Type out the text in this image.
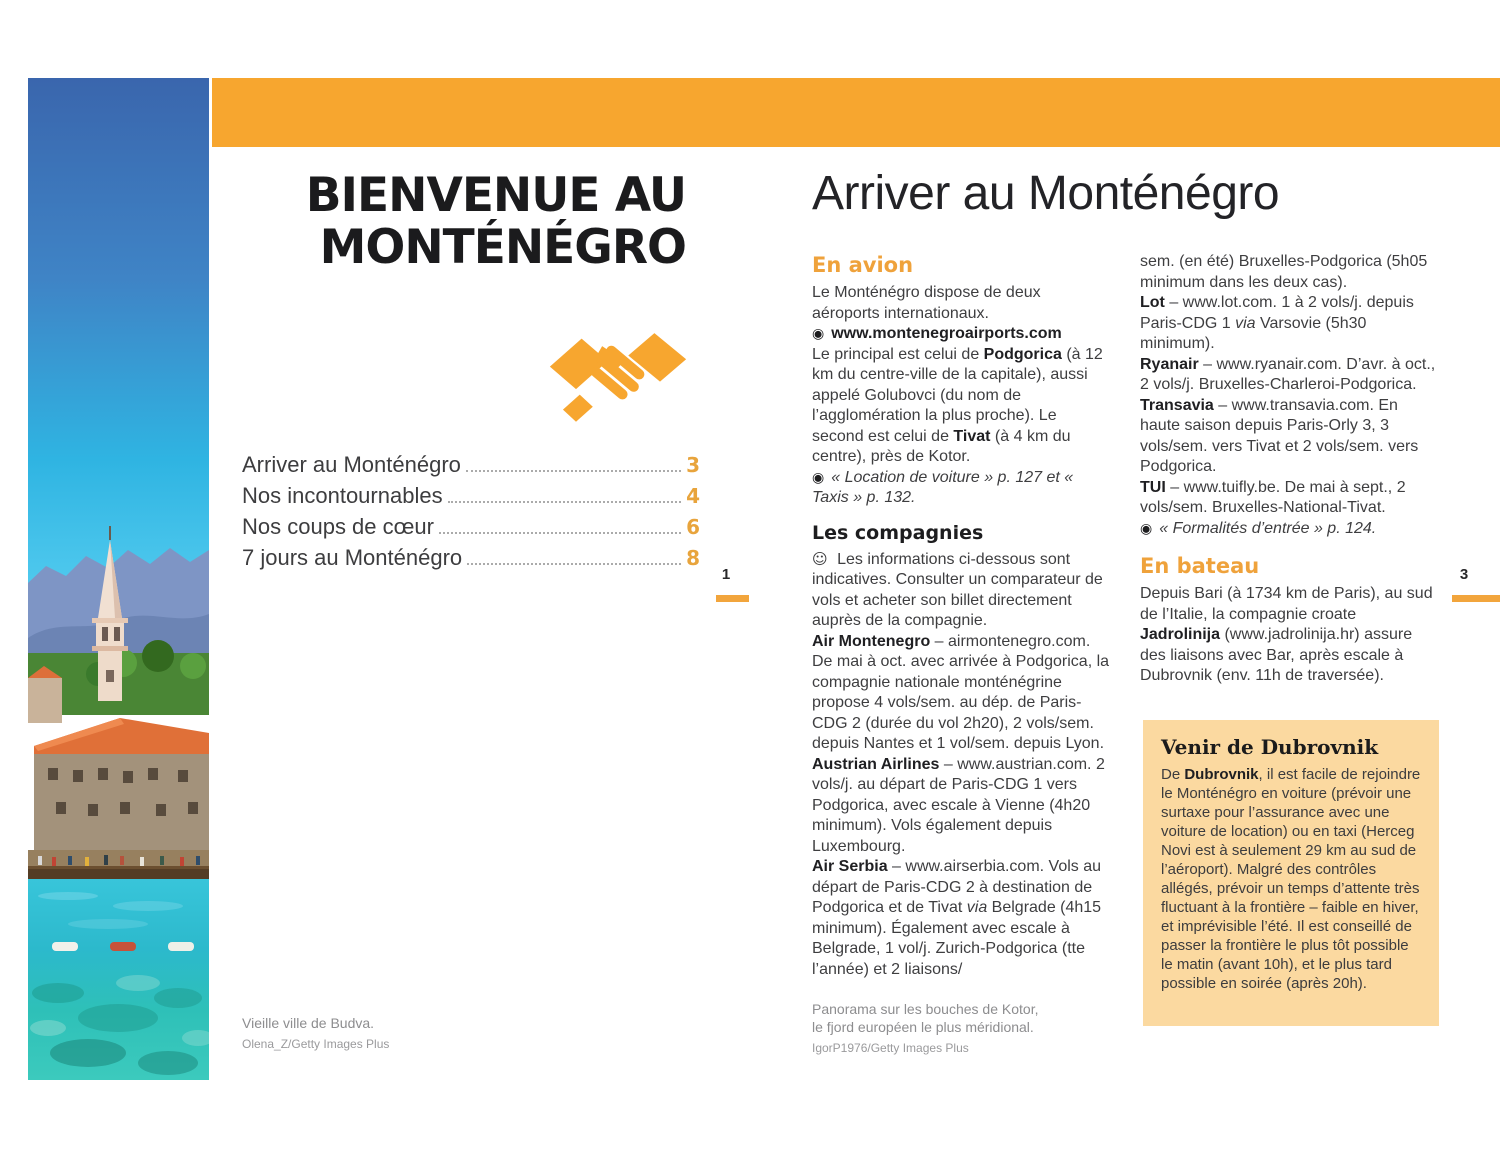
BIENVENUE AU
MONTÉNÉGRO
Arriver au Monténégro	3
Nos incontournables	4
Nos coups de cœur	6
7 jours au Monténégro	8
Vieille ville de Budva.
Olena_Z/Getty Images Plus
1
Arriver au Monténégro
En avion

Le Monténégro dispose de deux aéroports internationaux.

◉ www.montenegroairports.com

Le principal est celui de Podgorica (à 12 km du centre-ville de la capitale), aussi appelé Golubovci (du nom de l’agglomération la plus proche). Le second est celui de Tivat (à 4 km du centre), près de Kotor.

◉ « Location de voiture » p. 127 et « Taxis » p. 132.

Les compagnies

☺ Les informations ci-dessous sont indicatives. Consulter un comparateur de vols et acheter son billet directement auprès de la compagnie.

Air Montenegro – airmontenegro.com. De mai à oct. avec arrivée à Podgorica, la compagnie nationale monténégrine propose 4 vols/sem. au dép. de Paris-CDG 2 (durée du vol 2h20), 2 vols/sem. depuis Nantes et 1 vol/sem. depuis Lyon.

Austrian Airlines – www.austrian.com. 2 vols/j. au départ de Paris-CDG 1 vers Podgorica, avec escale à Vienne (4h20 minimum). Vols également depuis Luxembourg.

Air Serbia – www.airserbia.com. Vols au départ de Paris-CDG 2 à destination de Podgorica et de Tivat via Belgrade (4h15 minimum). Également avec escale à Belgrade, 1 vol/j. Zurich-Podgorica (tte l’année) et 2 liaisons/

sem. (en été) Bruxelles-Podgorica (5h05 minimum dans les deux cas).

Lot – www.lot.com. 1 à 2 vols/j. depuis Paris-CDG 1 via Varsovie (5h30 minimum).

Ryanair – www.ryanair.com. D’avr. à oct., 2 vols/j. Bruxelles-Charleroi-Podgorica.

Transavia – www.transavia.com. En haute saison depuis Paris-Orly 3, 3 vols/sem. vers Tivat et 2 vols/sem. vers Podgorica.

TUI – www.tuifly.be. De mai à sept., 2 vols/sem. Bruxelles-National-Tivat.

◉ « Formalités d’entrée » p. 124.

En bateau

Depuis Bari (à 1734 km de Paris), au sud de l’Italie, la compagnie croate Jadrolinija (www.jadrolinija.hr) assure des liaisons avec Bar, après escale à Dubrovnik (env. 11h de traversée).

Venir de Dubrovnik
De Dubrovnik, il est facile de rejoindre le Monténégro en voiture (prévoir une surtaxe pour l’assurance avec une voiture de location) ou en taxi (Herceg Novi est à seulement 29 km au sud de l’aéroport). Malgré des contrôles allégés, prévoir un temps d’attente très fluctuant à la frontière – faible en hiver, et imprévisible l’été. Il est conseillé de passer la frontière le plus tôt possible le matin (avant 10h), et le plus tard possible en soirée (après 20h).
Panorama sur les bouches de Kotor,
le fjord européen le plus méridional.
IgorP1976/Getty Images Plus
3
